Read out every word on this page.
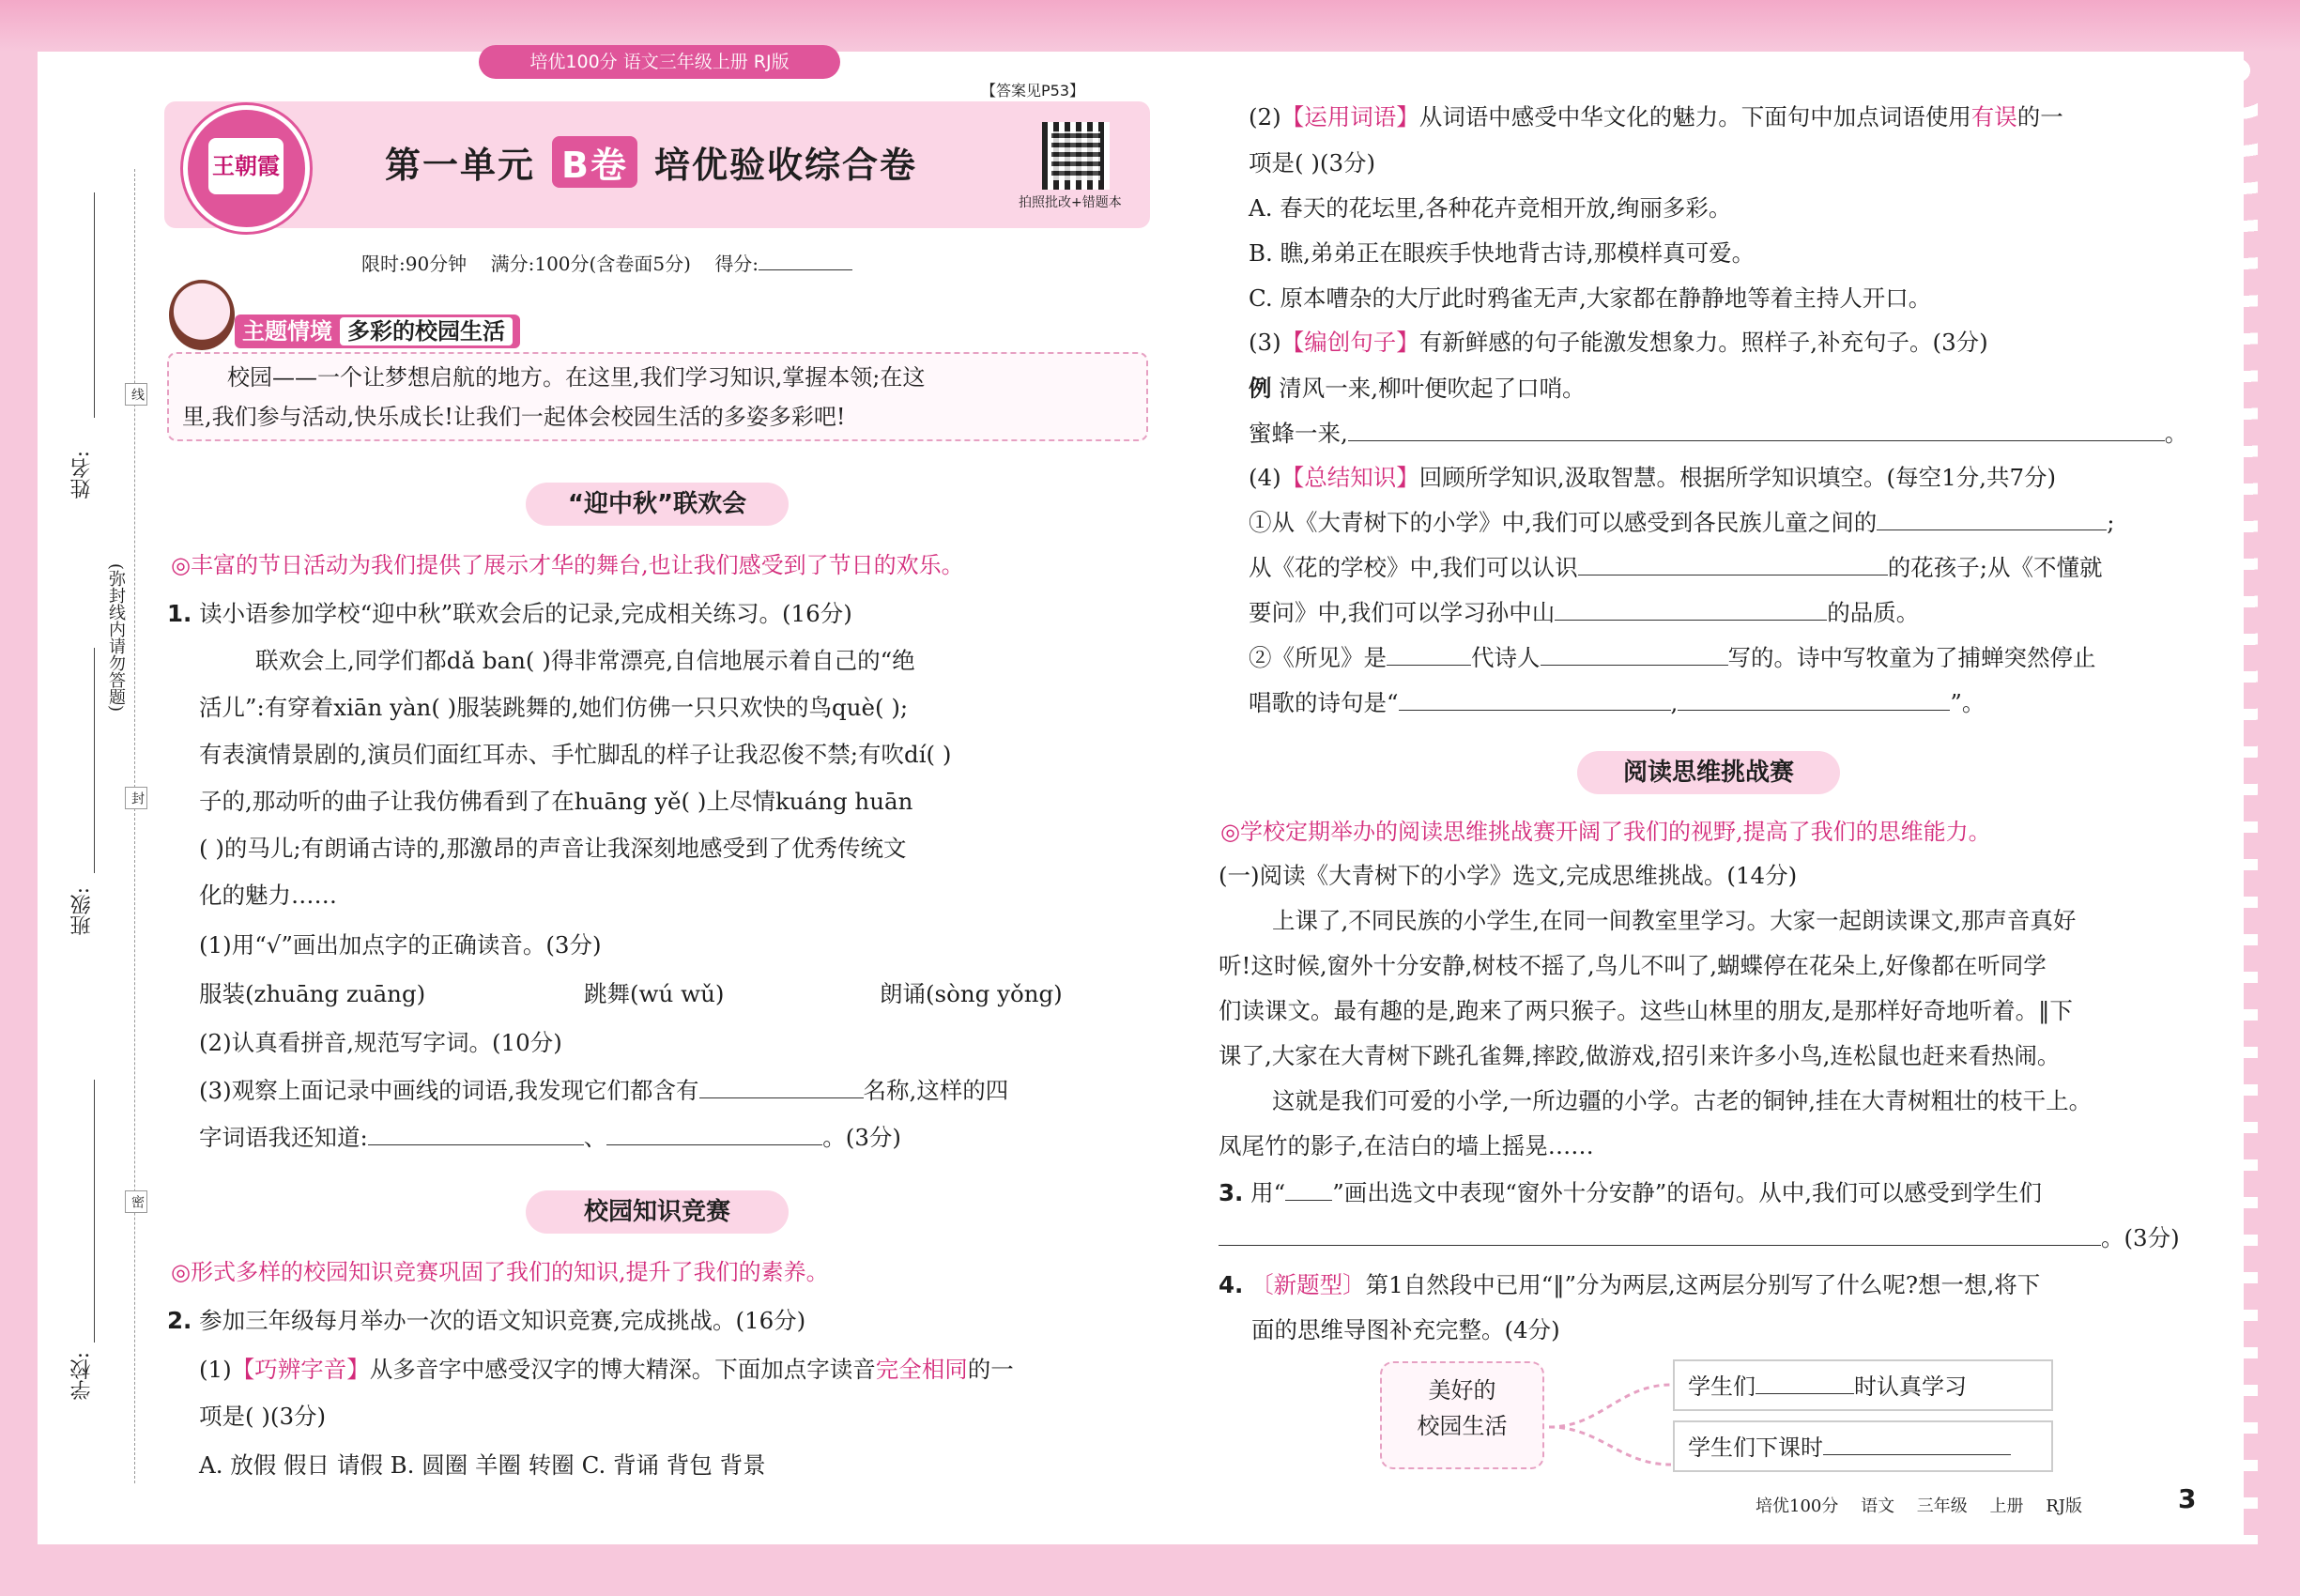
培优100分 语文三年级上册 RJ版
【答案见P53】
王朝霞	第一单元 B卷 培优验收综合卷
拍照批改+错题本
限时:90分钟 满分:100分(含卷面5分) 得分:
姓名:
班级:
学校:
(弥封线内请勿答题)
线
封
密
主题情境 多彩的校园生活
校园——一个让梦想启航的地方。在这里,我们学习知识,掌握本领;在这
里,我们参与活动,快乐成长!让我们一起体会校园生活的多姿多彩吧!
“迎中秋”联欢会
◎丰富的节日活动为我们提供了展示才华的舞台,也让我们感受到了节日的欢乐。
1. 读小语参加学校“迎中秋”联欢会后的记录,完成相关练习。(16分)
联欢会上,同学们都dǎ ban( )得非常漂亮,自信地展示着自己的“绝
活儿”:有穿着xiān yàn( )服装跳舞的,她们仿佛一只只欢快的鸟què( );
有表演情景剧的,演员们面红耳赤、手忙脚乱的样子让我忍俊不禁;有吹dí( )
子的,那动听的曲子让我仿佛看到了在huāng yě( )上尽情kuáng huān
( )的马儿;有朗诵古诗的,那激昂的声音让我深刻地感受到了优秀传统文
化的魅力……
(1)用“√”画出加点字的正确读音。(3分)
服装(zhuāng zuāng)	跳舞(wú wǔ)	朗诵(sòng yǒng)
(2)认真看拼音,规范写字词。(10分)
(3)观察上面记录中画线的词语,我发现它们都含有	名称,这样的四
字词语我还知道:	、	。(3分)
校园知识竞赛
◎形式多样的校园知识竞赛巩固了我们的知识,提升了我们的素养。
2. 参加三年级每月举办一次的语文知识竞赛,完成挑战。(16分)
(1)【巧辨字音】从多音字中感受汉字的博大精深。下面加点字读音完全相同的一
项是( )(3分)
A. 放假 假日 请假 B. 圆圈 羊圈 转圈 C. 背诵 背包 背景
(2)【运用词语】从词语中感受中华文化的魅力。下面句中加点词语使用有误的一
项是( )(3分)
A. 春天的花坛里,各种花卉竞相开放,绚丽多彩。
B. 瞧,弟弟正在眼疾手快地背古诗,那模样真可爱。
C. 原本嘈杂的大厅此时鸦雀无声,大家都在静静地等着主持人开口。
(3)【编创句子】有新鲜感的句子能激发想象力。照样子,补充句子。(3分)
例 清风一来,柳叶便吹起了口哨。
蜜蜂一来,	。
(4)【总结知识】回顾所学知识,汲取智慧。根据所学知识填空。(每空1分,共7分)
①从《大青树下的小学》中,我们可以感受到各民族儿童之间的	;
从《花的学校》中,我们可以认识	的花孩子;从《不懂就
要问》中,我们可以学习孙中山	的品质。
②《所见》是	代诗人	写的。诗中写牧童为了捕蝉突然停止
唱歌的诗句是“	,	”。
阅读思维挑战赛
◎学校定期举办的阅读思维挑战赛开阔了我们的视野,提高了我们的思维能力。
(一)阅读《大青树下的小学》选文,完成思维挑战。(14分)
上课了,不同民族的小学生,在同一间教室里学习。大家一起朗读课文,那声音真好
听!这时候,窗外十分安静,树枝不摇了,鸟儿不叫了,蝴蝶停在花朵上,好像都在听同学
们读课文。最有趣的是,跑来了两只猴子。这些山林里的朋友,是那样好奇地听着。‖下
课了,大家在大青树下跳孔雀舞,摔跤,做游戏,招引来许多小鸟,连松鼠也赶来看热闹。
这就是我们可爱的小学,一所边疆的小学。古老的铜钟,挂在大青树粗壮的枝干上。
凤尾竹的影子,在洁白的墙上摇晃……
3. 用“ ”画出选文中表现“窗外十分安静”的语句。从中,我们可以感受到学生们
。(3分)
4. 〔新题型〕第1自然段中已用“‖”分为两层,这两层分别写了什么呢?想一想,将下
面的思维导图补充完整。(4分)
美好的
校园生活
学生们	时认真学习
学生们下课时
培优100分 语文 三年级 上册 RJ版	3
